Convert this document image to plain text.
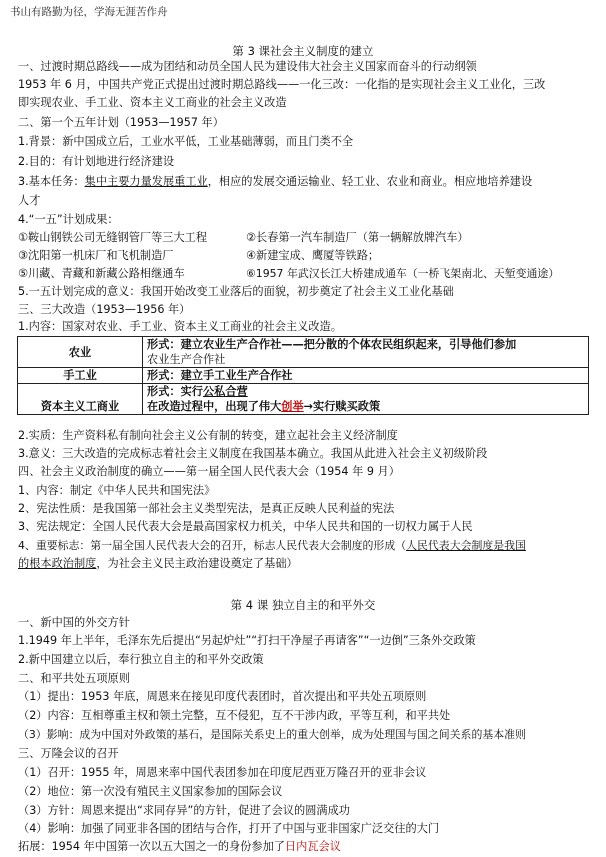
书山有路勤为径，学海无涯苦作舟
第 3 课社会主义制度的建立
一、过渡时期总路线——成为团结和动员全国人民为建设伟大社会主义国家而奋斗的行动纲领
1953 年 6 月，中国共产党正式提出过渡时期总路线——一化三改：一化指的是实现社会主义工业化，三改
即实现农业、手工业、资本主义工商业的社会主义改造
二、第一个五年计划（1953—1957 年）
1.背景：新中国成立后，工业水平低，工业基础薄弱，而且门类不全
2.目的：有计划地进行经济建设
3.基本任务：集中主要力量发展重工业，相应的发展交通运输业、轻工业、农业和商业。相应地培养建设
人才
4.“一五”计划成果：
①鞍山钢铁公司无缝钢管厂等三大工程	②长春第一汽车制造厂（第一辆解放牌汽车）
③沈阳第一机床厂和飞机制造厂	④新建宝成、鹰厦等铁路；
⑤川藏、青藏和新藏公路相继通车	⑥1957 年武汉长江大桥建成通车（一桥飞架南北、天堑变通途）
5.一五计划完成的意义：我国开始改变工业落后的面貌，初步奠定了社会主义工业化基础
三、三大改造（1953—1956 年）
1.内容：国家对农业、手工业、资本主义工商业的社会主义改造。
农业	形式：建立农业生产合作社——把分散的个体农民组织起来，引导他们参加
农业生产合作社

手工业	形式：建立手工业生产合作社
资本主义工商业	形式：实行公私合营
在改造过程中，出现了伟大创举→实行赎买政策
2.实质：生产资料私有制向社会主义公有制的转变，建立起社会主义经济制度
3.意义：三大改造的完成标志着社会主义制度在我国基本确立。我国从此进入社会主义初级阶段
四、社会主义政治制度的确立——第一届全国人民代表大会（1954 年 9 月）
1、内容：制定《中华人民共和国宪法》
2、宪法性质：是我国第一部社会主义类型宪法，是真正反映人民利益的宪法
3、宪法规定：全国人民代表大会是最高国家权力机关，中华人民共和国的一切权力属于人民
4、重要标志：第一届全国人民代表大会的召开，标志人民代表大会制度的形成（人民代表大会制度是我国
的根本政治制度，为社会主义民主政治建设奠定了基础）
第 4 课 独立自主的和平外交
一、新中国的外交方针
1.1949 年上半年，毛泽东先后提出“另起炉灶”“打扫干净屋子再请客”“一边倒”三条外交政策
2.新中国建立以后，奉行独立自主的和平外交政策
二、和平共处五项原则
（1）提出：1953 年底，周恩来在接见印度代表团时，首次提出和平共处五项原则
（2）内容：互相尊重主权和领土完整，互不侵犯，互不干涉内政，平等互利，和平共处
（3）影响：成为中国对外政策的基石，是国际关系史上的重大创举，成为处理国与国之间关系的基本准则
三、万隆会议的召开
（1）召开：1955 年，周恩来率中国代表团参加在印度尼西亚万隆召开的亚非会议
（2）地位：第一次没有殖民主义国家参加的国际会议
（3）方针：周恩来提出“求同存异”的方针，促进了会议的圆满成功
（4）影响：加强了同亚非各国的团结与合作，打开了中国与亚非国家广泛交往的大门
拓展：1954 年中国第一次以五大国之一的身份参加了日内瓦会议
